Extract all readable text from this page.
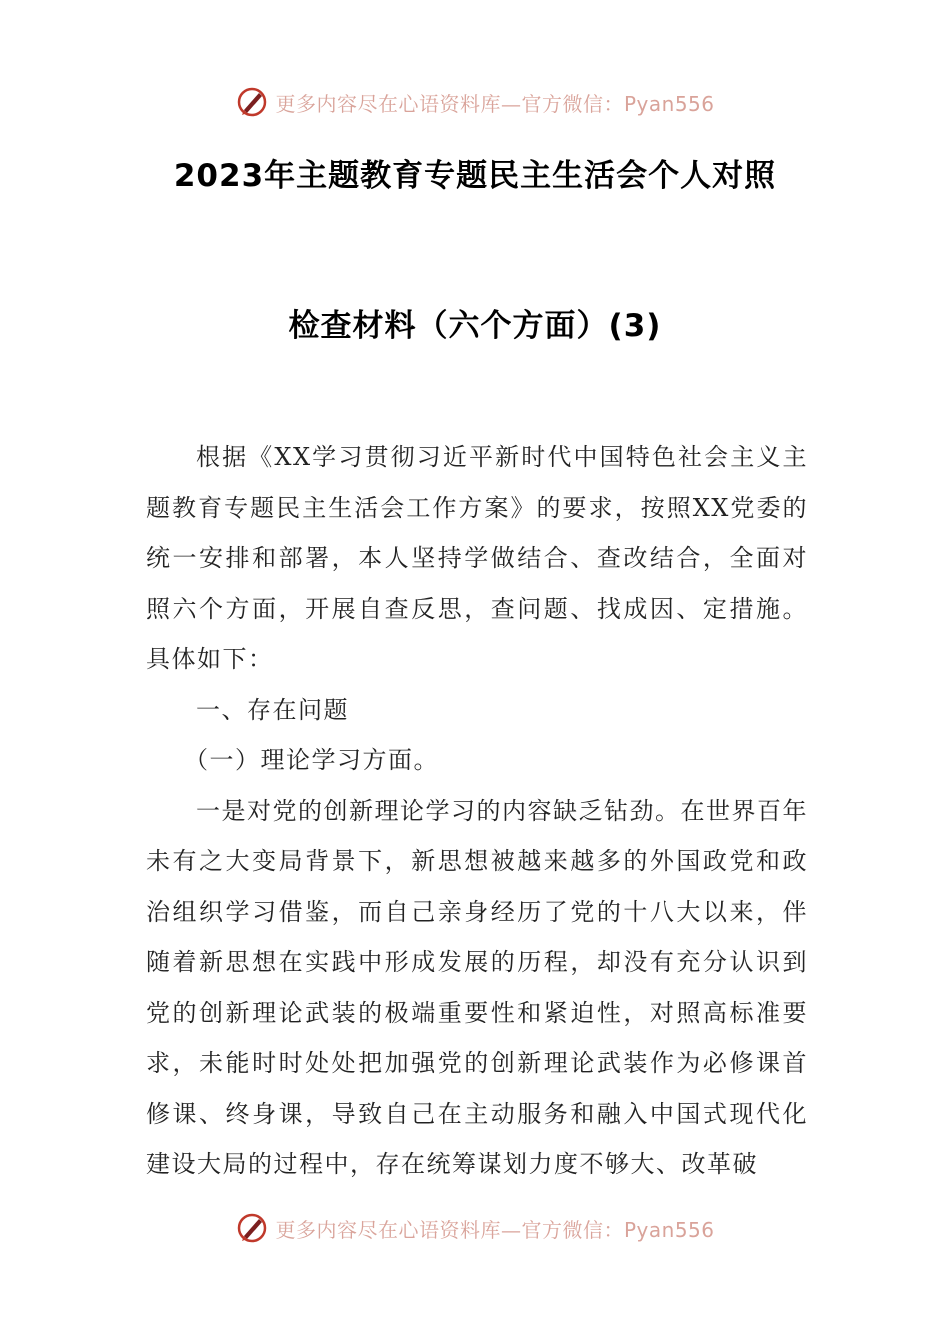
更多内容尽在心语资料库—官方微信：Pyan556
2023年主题教育专题民主生活会个人对照
检查材料（六个方面）(3)

根据《XX学习贯彻习近平新时代中国特色社会主义主题教育专题民主生活会工作方案》的要求，按照XX党委的统一安排和部署，本人坚持学做结合、查改结合，全面对照六个方面，开展自查反思，查问题、找成因、定措施。具体如下：

一、存在问题

（一）理论学习方面。

一是对党的创新理论学习的内容缺乏钻劲。在世界百年未有之大变局背景下，新思想被越来越多的外国政党和政治组织学习借鉴，而自己亲身经历了党的十八大以来，伴随着新思想在实践中形成发展的历程，却没有充分认识到党的创新理论武装的极端重要性和紧迫性，对照高标准要求，未能时时处处把加强党的创新理论武装作为必修课首修课、终身课，导致自己在主动服务和融入中国式现代化建设大局的过程中，存在统筹谋划力度不够大、改革破

更多内容尽在心语资料库—官方微信：Pyan556
